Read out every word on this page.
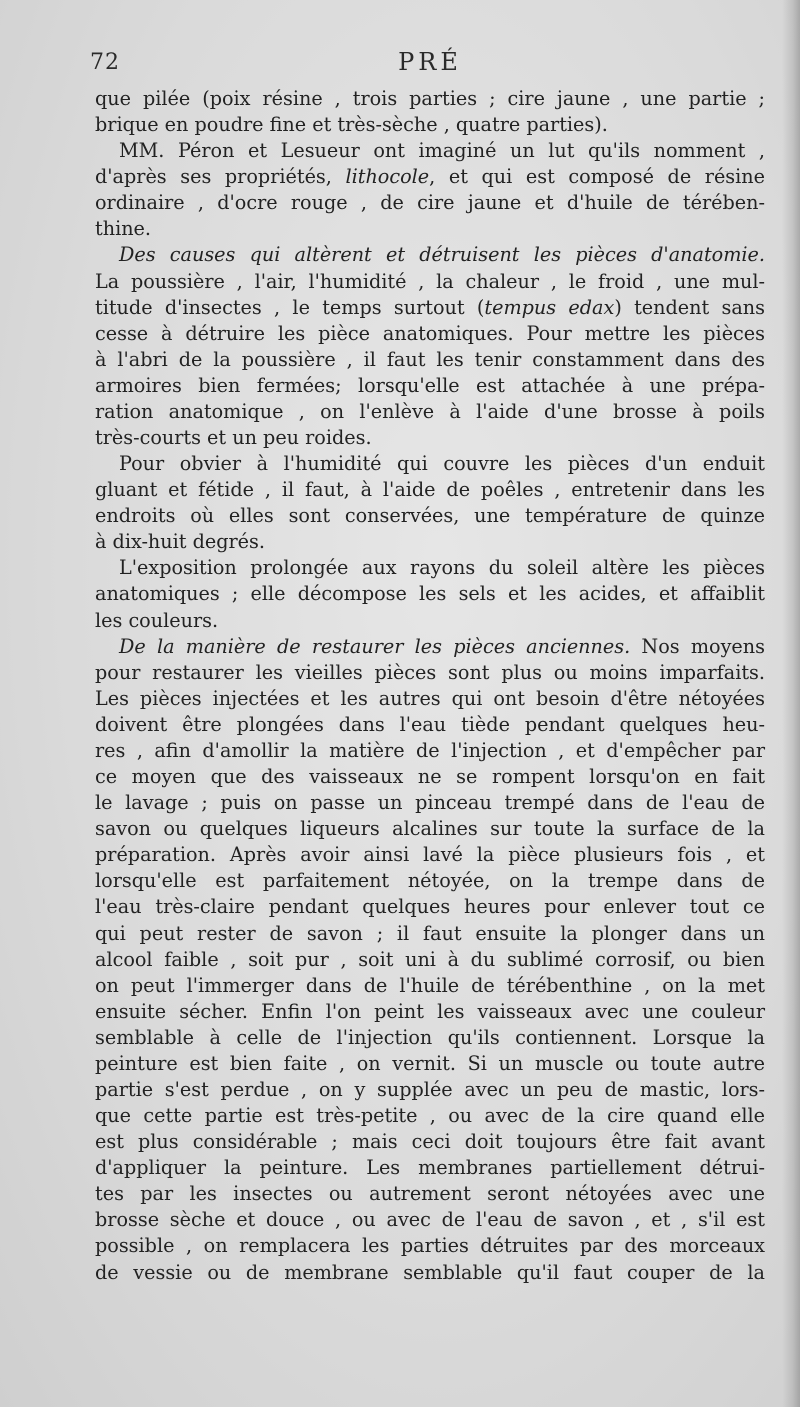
72	PRÉ
que pilée (poix résine , trois parties ; cire jaune , une partie ;
brique en poudre fine et très-sèche , quatre parties).
MM. Péron et Lesueur ont imaginé un lut qu'ils nomment ,
d'après ses propriétés, lithocole, et qui est composé de résine
ordinaire , d'ocre rouge , de cire jaune et d'huile de térében-
thine.
Des causes qui altèrent et détruisent les pièces d'anatomie.
La poussière , l'air, l'humidité , la chaleur , le froid , une mul-
titude d'insectes , le temps surtout (tempus edax) tendent sans
cesse à détruire les pièce anatomiques. Pour mettre les pièces
à l'abri de la poussière , il faut les tenir constamment dans des
armoires bien fermées; lorsqu'elle est attachée à une prépa-
ration anatomique , on l'enlève à l'aide d'une brosse à poils
très-courts et un peu roides.
Pour obvier à l'humidité qui couvre les pièces d'un enduit
gluant et fétide , il faut, à l'aide de poêles , entretenir dans les
endroits où elles sont conservées, une température de quinze
à dix-huit degrés.
L'exposition prolongée aux rayons du soleil altère les pièces
anatomiques ; elle décompose les sels et les acides, et affaiblit
les couleurs.
De la manière de restaurer les pièces anciennes. Nos moyens
pour restaurer les vieilles pièces sont plus ou moins imparfaits.
Les pièces injectées et les autres qui ont besoin d'être nétoyées
doivent être plongées dans l'eau tiède pendant quelques heu-
res , afin d'amollir la matière de l'injection , et d'empêcher par
ce moyen que des vaisseaux ne se rompent lorsqu'on en fait
le lavage ; puis on passe un pinceau trempé dans de l'eau de
savon ou quelques liqueurs alcalines sur toute la surface de la
préparation. Après avoir ainsi lavé la pièce plusieurs fois , et
lorsqu'elle est parfaitement nétoyée, on la trempe dans de
l'eau très-claire pendant quelques heures pour enlever tout ce
qui peut rester de savon ; il faut ensuite la plonger dans un
alcool faible , soit pur , soit uni à du sublimé corrosif, ou bien
on peut l'immerger dans de l'huile de térébenthine , on la met
ensuite sécher. Enfin l'on peint les vaisseaux avec une couleur
semblable à celle de l'injection qu'ils contiennent. Lorsque la
peinture est bien faite , on vernit. Si un muscle ou toute autre
partie s'est perdue , on y supplée avec un peu de mastic, lors-
que cette partie est très-petite , ou avec de la cire quand elle
est plus considérable ; mais ceci doit toujours être fait avant
d'appliquer la peinture. Les membranes partiellement détrui-
tes par les insectes ou autrement seront nétoyées avec une
brosse sèche et douce , ou avec de l'eau de savon , et , s'il est
possible , on remplacera les parties détruites par des morceaux
de vessie ou de membrane semblable qu'il faut couper de la
